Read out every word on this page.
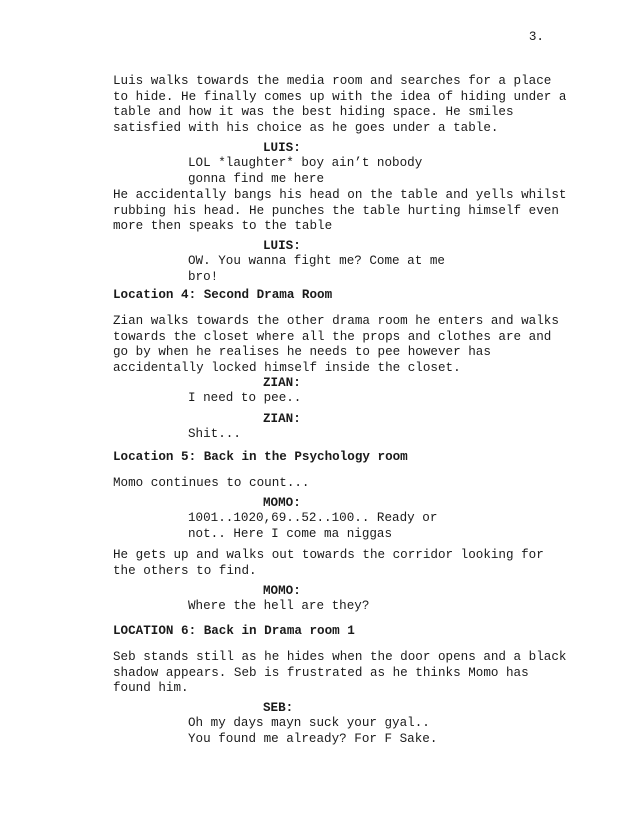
3.

Luis walks towards the media room and searches for a place
to hide. He finally comes up with the idea of hiding under a
table and how it was the best hiding space. He smiles
satisfied with his choice as he goes under a table.

LUIS:

LOL *laughter* boy ain’t nobody
gonna find me here

He accidentally bangs his head on the table and yells whilst
rubbing his head. He punches the table hurting himself even
more then speaks to the table

LUIS:

OW. You wanna fight me? Come at me
bro!

Location 4: Second Drama Room

Zian walks towards the other drama room he enters and walks
towards the closet where all the props and clothes are and
go by when he realises he needs to pee however has
accidentally locked himself inside the closet.

ZIAN:

I need to pee..

ZIAN:

Shit...

Location 5: Back in the Psychology room

Momo continues to count...

MOMO:

1001..1020,69..52..100.. Ready or
not.. Here I come ma niggas

He gets up and walks out towards the corridor looking for
the others to find.

MOMO:

Where the hell are they?

LOCATION 6: Back in Drama room 1

Seb stands still as he hides when the door opens and a black
shadow appears. Seb is frustrated as he thinks Momo has
found him.

SEB:

Oh my days mayn suck your gyal..
You found me already? For F Sake.
